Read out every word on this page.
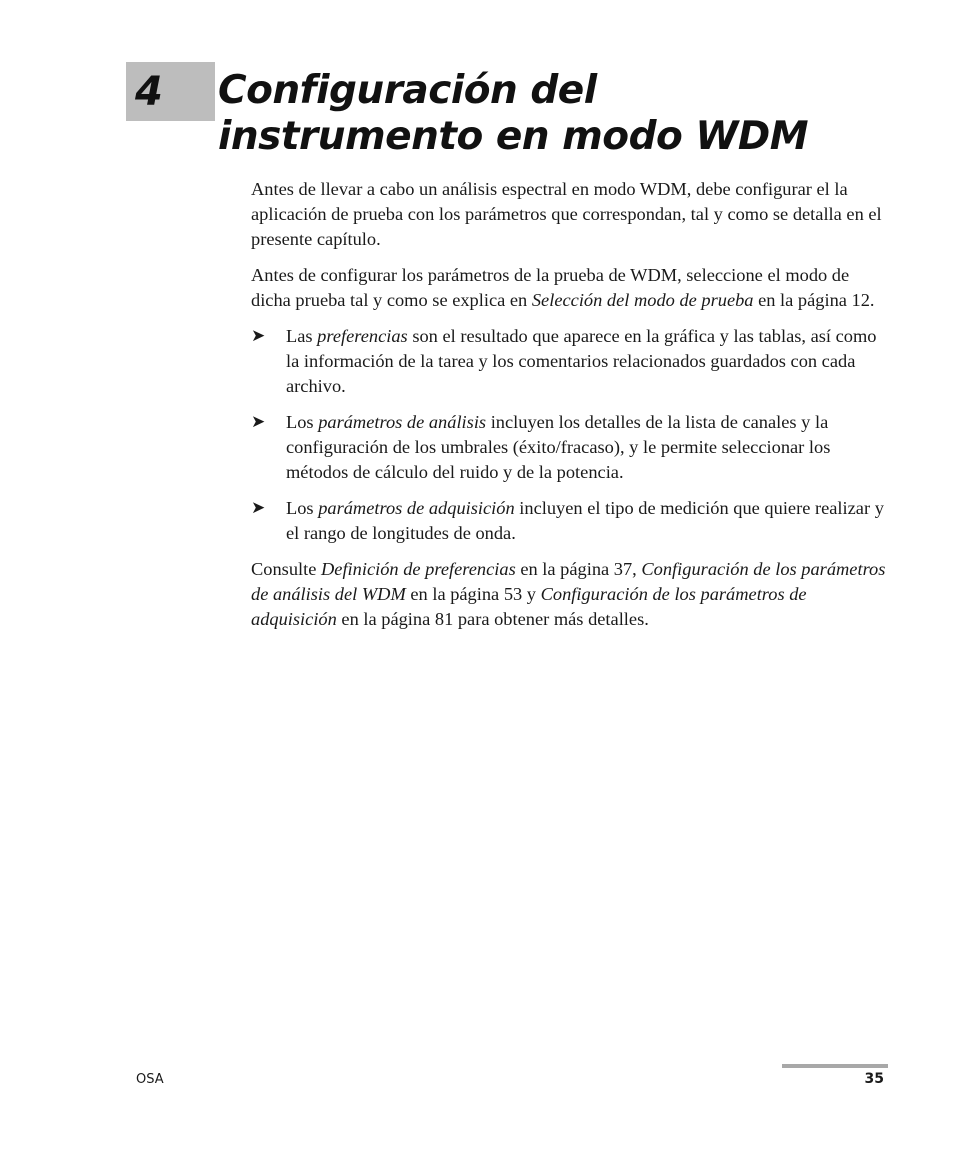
4 Configuración del
instrumento en modo WDM

Antes de llevar a cabo un análisis espectral en modo WDM, debe configurar el la aplicación de prueba con los parámetros que correspondan, tal y como se detalla en el presente capítulo.

Antes de configurar los parámetros de la prueba de WDM, seleccione el modo de dicha prueba tal y como se explica en Selección del modo de prueba en la página 12.

➤ Las preferencias son el resultado que aparece en la gráfica y las tablas, así como la información de la tarea y los comentarios relacionados guardados con cada archivo.
➤ Los parámetros de análisis incluyen los detalles de la lista de canales y la configuración de los umbrales (éxito/fracaso), y le permite seleccionar los métodos de cálculo del ruido y de la potencia.
➤ Los parámetros de adquisición incluyen el tipo de medición que quiere realizar y el rango de longitudes de onda.

Consulte Definición de preferencias en la página 37, Configuración de los parámetros de análisis del WDM en la página 53 y Configuración de los parámetros de adquisición en la página 81 para obtener más detalles.

OSA	35
